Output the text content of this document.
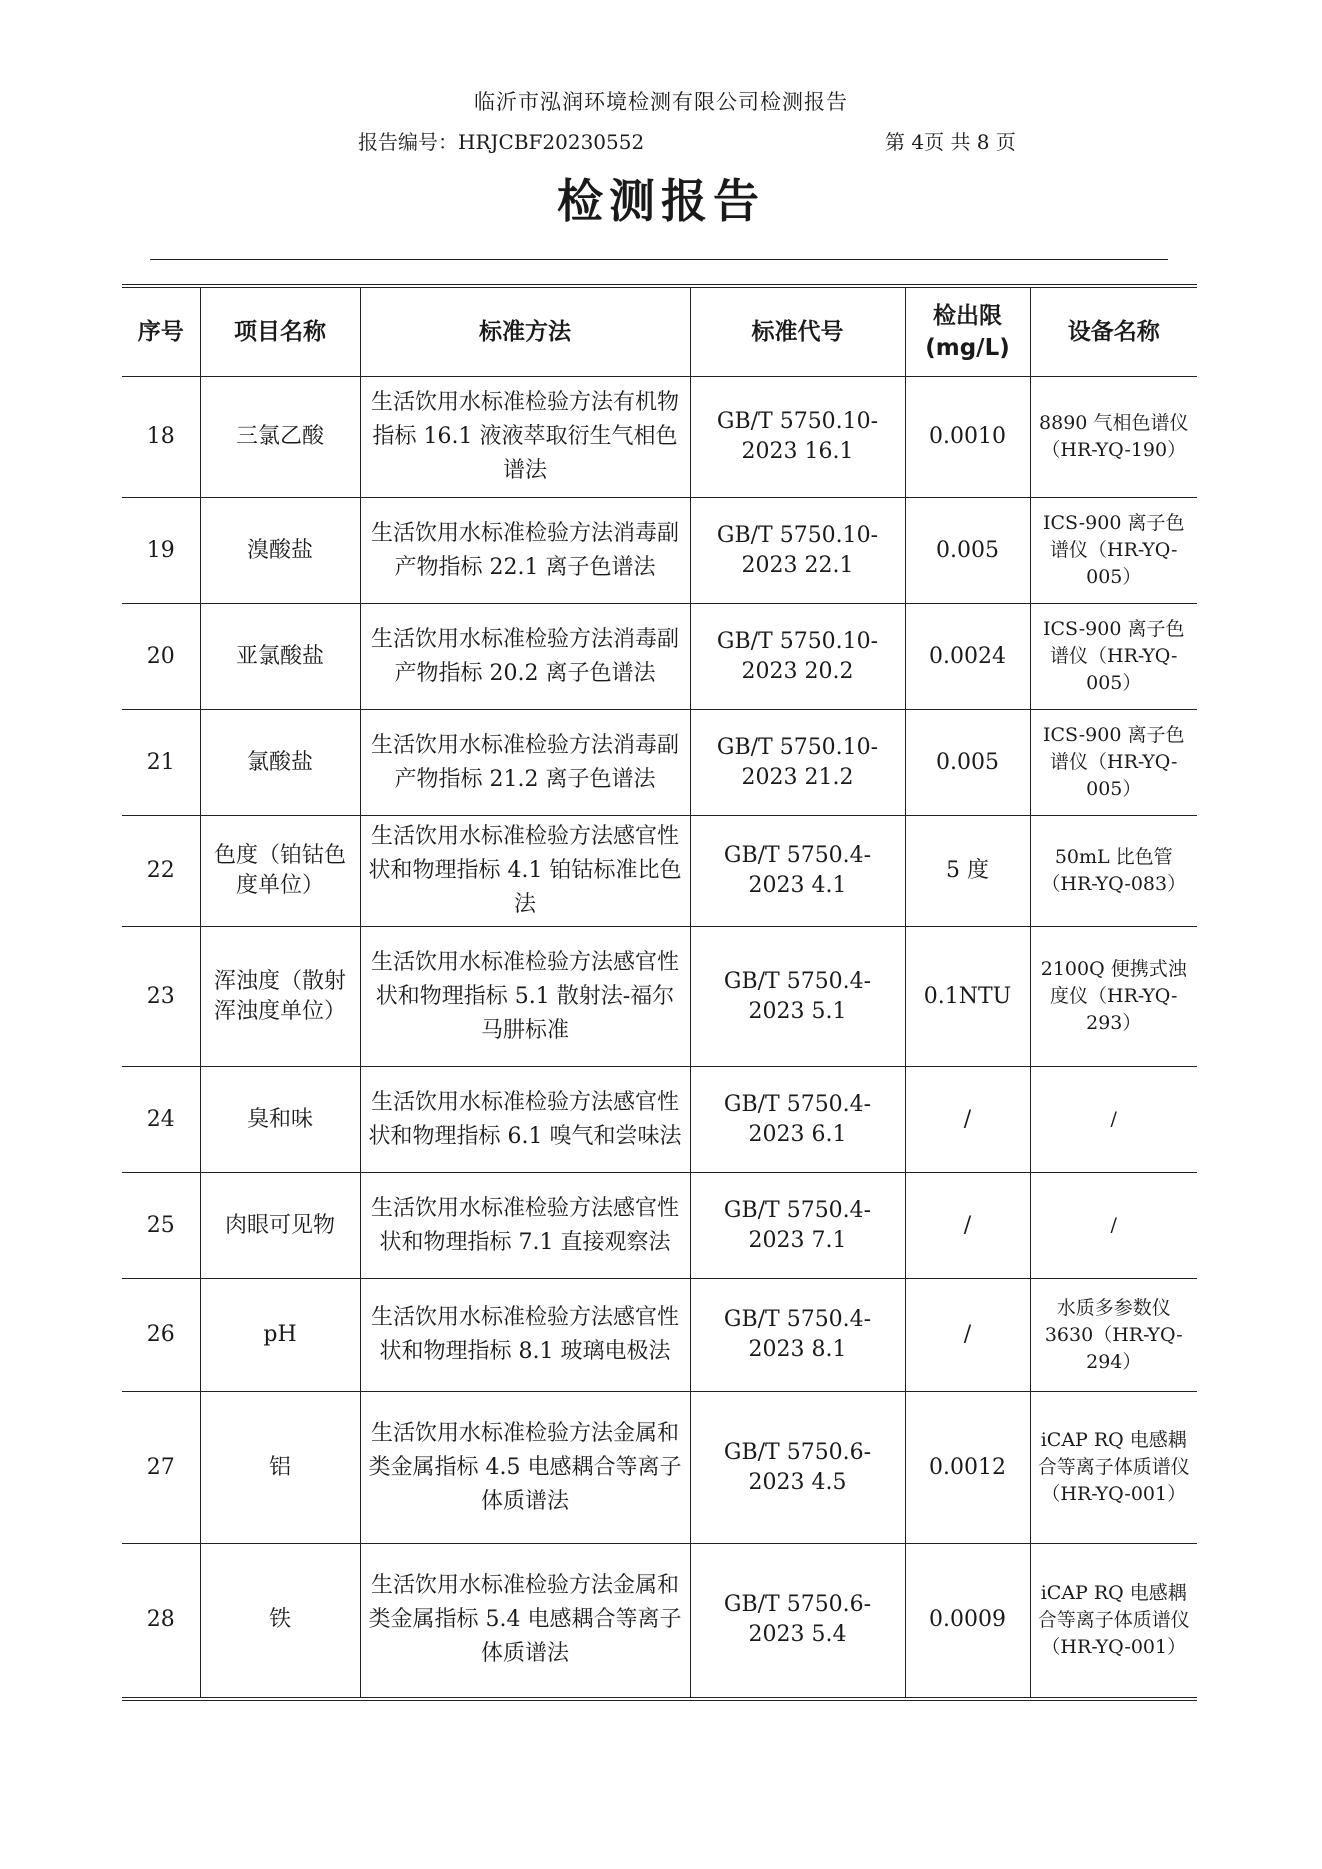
临沂市泓润环境检测有限公司检测报告
报告编号：HRJCBF20230552	第 4页 共 8 页
检测报告
序号	项目名称	标准方法	标准代号	检出限 (mg/L)	设备名称
18	三氯乙酸	生活饮用水标准检验方法有机物指标 16.1 液液萃取衍生气相色谱法	GB/T 5750.10-2023 16.1	0.0010	8890 气相色谱仪（HR-YQ-190）
19	溴酸盐	生活饮用水标准检验方法消毒副产物指标 22.1 离子色谱法	GB/T 5750.10-2023 22.1	0.005	ICS-900 离子色谱仪（HR-YQ-005）
20	亚氯酸盐	生活饮用水标准检验方法消毒副产物指标 20.2 离子色谱法	GB/T 5750.10-2023 20.2	0.0024	ICS-900 离子色谱仪（HR-YQ-005）
21	氯酸盐	生活饮用水标准检验方法消毒副产物指标 21.2 离子色谱法	GB/T 5750.10-2023 21.2	0.005	ICS-900 离子色谱仪（HR-YQ-005）
22	色度（铂钴色度单位）	生活饮用水标准检验方法感官性状和物理指标 4.1 铂钴标准比色法	GB/T 5750.4-2023 4.1	5 度	50mL 比色管（HR-YQ-083）
23	浑浊度（散射浑浊度单位）	生活饮用水标准检验方法感官性状和物理指标 5.1 散射法-福尔马肼标准	GB/T 5750.4-2023 5.1	0.1NTU	2100Q 便携式浊度仪（HR-YQ-293）
24	臭和味	生活饮用水标准检验方法感官性状和物理指标 6.1 嗅气和尝味法	GB/T 5750.4-2023 6.1	/	/
25	肉眼可见物	生活饮用水标准检验方法感官性状和物理指标 7.1 直接观察法	GB/T 5750.4-2023 7.1	/	/
26	pH	生活饮用水标准检验方法感官性状和物理指标 8.1 玻璃电极法	GB/T 5750.4-2023 8.1	/	水质多参数仪 3630（HR-YQ-294）
27	铝	生活饮用水标准检验方法金属和类金属指标 4.5 电感耦合等离子体质谱法	GB/T 5750.6-2023 4.5	0.0012	iCAP RQ 电感耦合等离子体质谱仪（HR-YQ-001）
28	铁	生活饮用水标准检验方法金属和类金属指标 5.4 电感耦合等离子体质谱法	GB/T 5750.6-2023 5.4	0.0009	iCAP RQ 电感耦合等离子体质谱仪（HR-YQ-001）
